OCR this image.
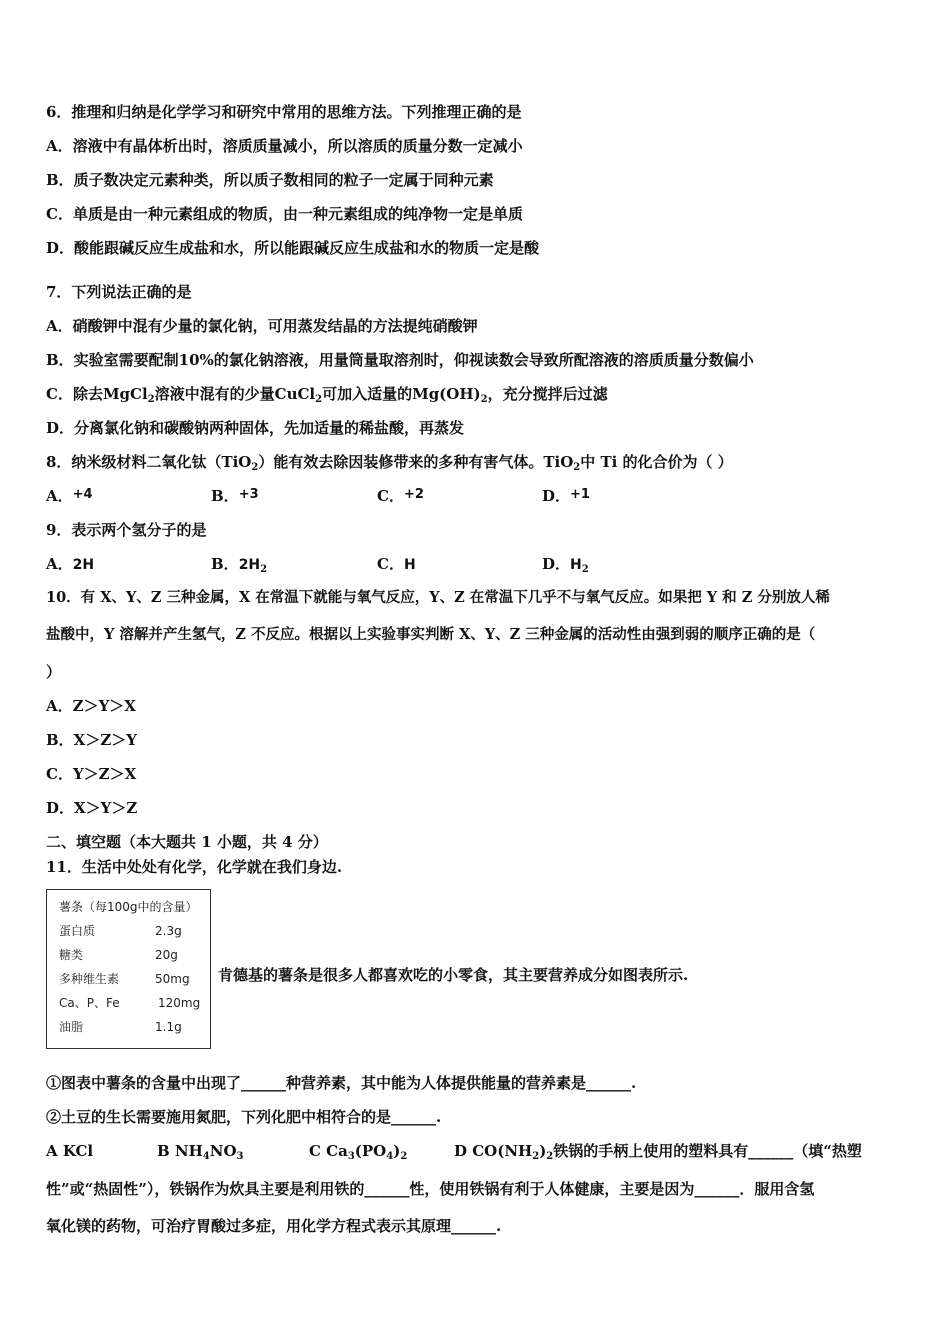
6．推理和归纳是化学学习和研究中常用的思维方法。下列推理正确的是
A．溶液中有晶体析出时，溶质质量减小，所以溶质的质量分数一定减小
B．质子数决定元素种类，所以质子数相同的粒子一定属于同种元素
C．单质是由一种元素组成的物质，由一种元素组成的纯净物一定是单质
D．酸能跟碱反应生成盐和水，所以能跟碱反应生成盐和水的物质一定是酸
7．下列说法正确的是
A．硝酸钾中混有少量的氯化钠，可用蒸发结晶的方法提纯硝酸钾
B．实验室需要配制10%的氯化钠溶液，用量筒量取溶剂时，仰视读数会导致所配溶液的溶质质量分数偏小
C．除去MgCl$_2$溶液中混有的少量CuCl$_2$可加入适量的$Mg(OH)_2$，充分搅拌后过滤
D．分离氯化钠和碳酸钠两种固体，先加适量的稀盐酸，再蒸发
8．纳米级材料二氧化钛（TiO$_2$）能有效去除因装修带来的多种有害气体。TiO$_2$中 Ti 的化合价为（ ）
A．+4	B．+3	C．+2	D．+1
9．表示两个氢分子的是
A．2H	B．$2H_2$	C．H	D．$H_2$
10．有 X、Y、Z 三种金属，X 在常温下就能与氧气反应，Y、Z 在常温下几乎不与氧气反应。如果把 Y 和 Z 分别放人稀
盐酸中，Y 溶解并产生氢气，Z 不反应。根据以上实验事实判断 X、Y、Z 三种金属的活动性由强到弱的顺序正确的是（
）
A．Z＞Y＞X
B．X＞Z＞Y
C．Y＞Z＞X
D．X＞Y＞Z
二、填空题（本大题共 1 小题，共 4 分）
11．生活中处处有化学，化学就在我们身边.
薯条（每100g中的含量）
蛋白质	2.3g
糖类	20g
多种维生素	50mg
Ca、P、Fe	120mg
油脂	1.1g
肯德基的薯条是很多人都喜欢吃的小零食，其主要营养成分如图表所示.
①图表中薯条的含量中出现了______种营养素，其中能为人体提供能量的营养素是______.
②土豆的生长需要施用氮肥，下列化肥中相符合的是______.
A KCl	B $NH_4NO_3$	C $Ca_3(PO_4)_2$	D $CO(NH_2)_2$铁锅的手柄上使用的塑料具有______（填“热塑
性”或“热固性”），铁锅作为炊具主要是利用铁的______性，使用铁锅有利于人体健康，主要是因为______．服用含氢
氧化镁的药物，可治疗胃酸过多症，用化学方程式表示其原理______.
